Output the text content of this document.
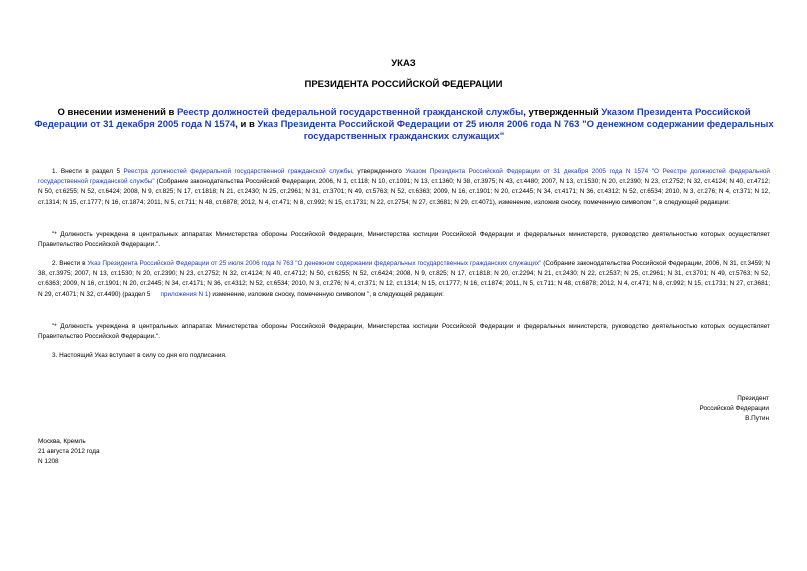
УКАЗ
ПРЕЗИДЕНТА РОССИЙСКОЙ ФЕДЕРАЦИИ
О внесении изменений в Реестр должностей федеральной государственной гражданской службы, утвержденный Указом Президента Российской Федерации от 31 декабря 2005 года N 1574, и в Указ Президента Российской Федерации от 25 июля 2006 года N 763 "О денежном содержании федеральных государственных гражданских служащих"
1. Внести в раздел 5 Реестра должностей федеральной государственной гражданской службы, утвержденного Указом Президента Российской Федерации от 31 декабря 2005 года N 1574 "О Реестре должностей федеральной государственной гражданской службы" (Собрание законодательства Российской Федерации, 2006, N 1, ст.118; N 10, ст.1091; N 13, ст.1360; N 38, ст.3975; N 43, ст.4480; 2007, N 13, ст.1530; N 20, ст.2390; N 23, ст.2752; N 32, ст.4124; N 40, ст.4712; N 50, ст.6255; N 52, ст.6424; 2008, N 9, ст.825; N 17, ст.1818; N 21, ст.2430; N 25, ст.2961; N 31, ст.3701; N 49, ст.5763; N 52, ст.6363; 2009, N 16, ст.1901; N 20, ст.2445; N 34, ст.4171; N 36, ст.4312; N 52, ст.6534; 2010, N 3, ст.276; N 4, ст.371; N 12, ст.1314; N 15, ст.1777; N 16, ст.1874; 2011, N 5, ст.711; N 48, ст.6878; 2012, N 4, ст.471; N 8, ст.992; N 15, ст.1731; N 22, ст.2754; N 27, ст.3681; N 29, ст.4071), изменение, изложив сноску, помеченную символом ", в следующей редакции:
"* Должность учреждена в центральных аппаратах Министерства обороны Российской Федерации, Министерства юстиции Российской Федерации и федеральных министерств, руководство деятельностью которых осуществляет Правительство Российской Федерации.".
2. Внести в Указ Президента Российской Федерации от 25 июля 2006 года N 763 "О денежном содержании федеральных государственных гражданских служащих" (Собрание законодательства Российской Федерации, 2006, N 31, ст.3459; N 38, ст.3975; 2007, N 13, ст.1530; N 20, ст.2390; N 23, ст.2752; N 32, ст.4124; N 40, ст.4712; N 50, ст.6255; N 52, ст.6424; 2008, N 9, ст.825; N 17, ст.1818; N 20, ст.2294; N 21, ст.2430; N 22, ст.2537; N 25, ст.2961; N 31, ст.3701; N 49, ст.5763; N 52, ст.6363; 2009, N 16, ст.1901; N 20, ст.2445; N 34, ст.4171; N 36, ст.4312; N 52, ст.6534; 2010, N 3, ст.276; N 4, ст.371; N 12, ст.1314; N 15, ст.1777; N 16, ст.1874; 2011, N 5, ст.711; N 48, ст.6878; 2012, N 4, ст.471; N 8, ст.992; N 15, ст.1731; N 27, ст.3681; N 29, ст.4071; N 32, ст.4490) (раздел 5 приложения N 1) изменение, изложив сноску, помеченную символом ", в следующей редакции:
"* Должность учреждена в центральных аппаратах Министерства обороны Российской Федерации, Министерства юстиции Российской Федерации и федеральных министерств, руководство деятельностью которых осуществляет Правительство Российской Федерации.".
3. Настоящий Указ вступает в силу со дня его подписания.
Президент
Российской Федерации
В.Путин
Москва, Кремль
21 августа 2012 года
N 1208
